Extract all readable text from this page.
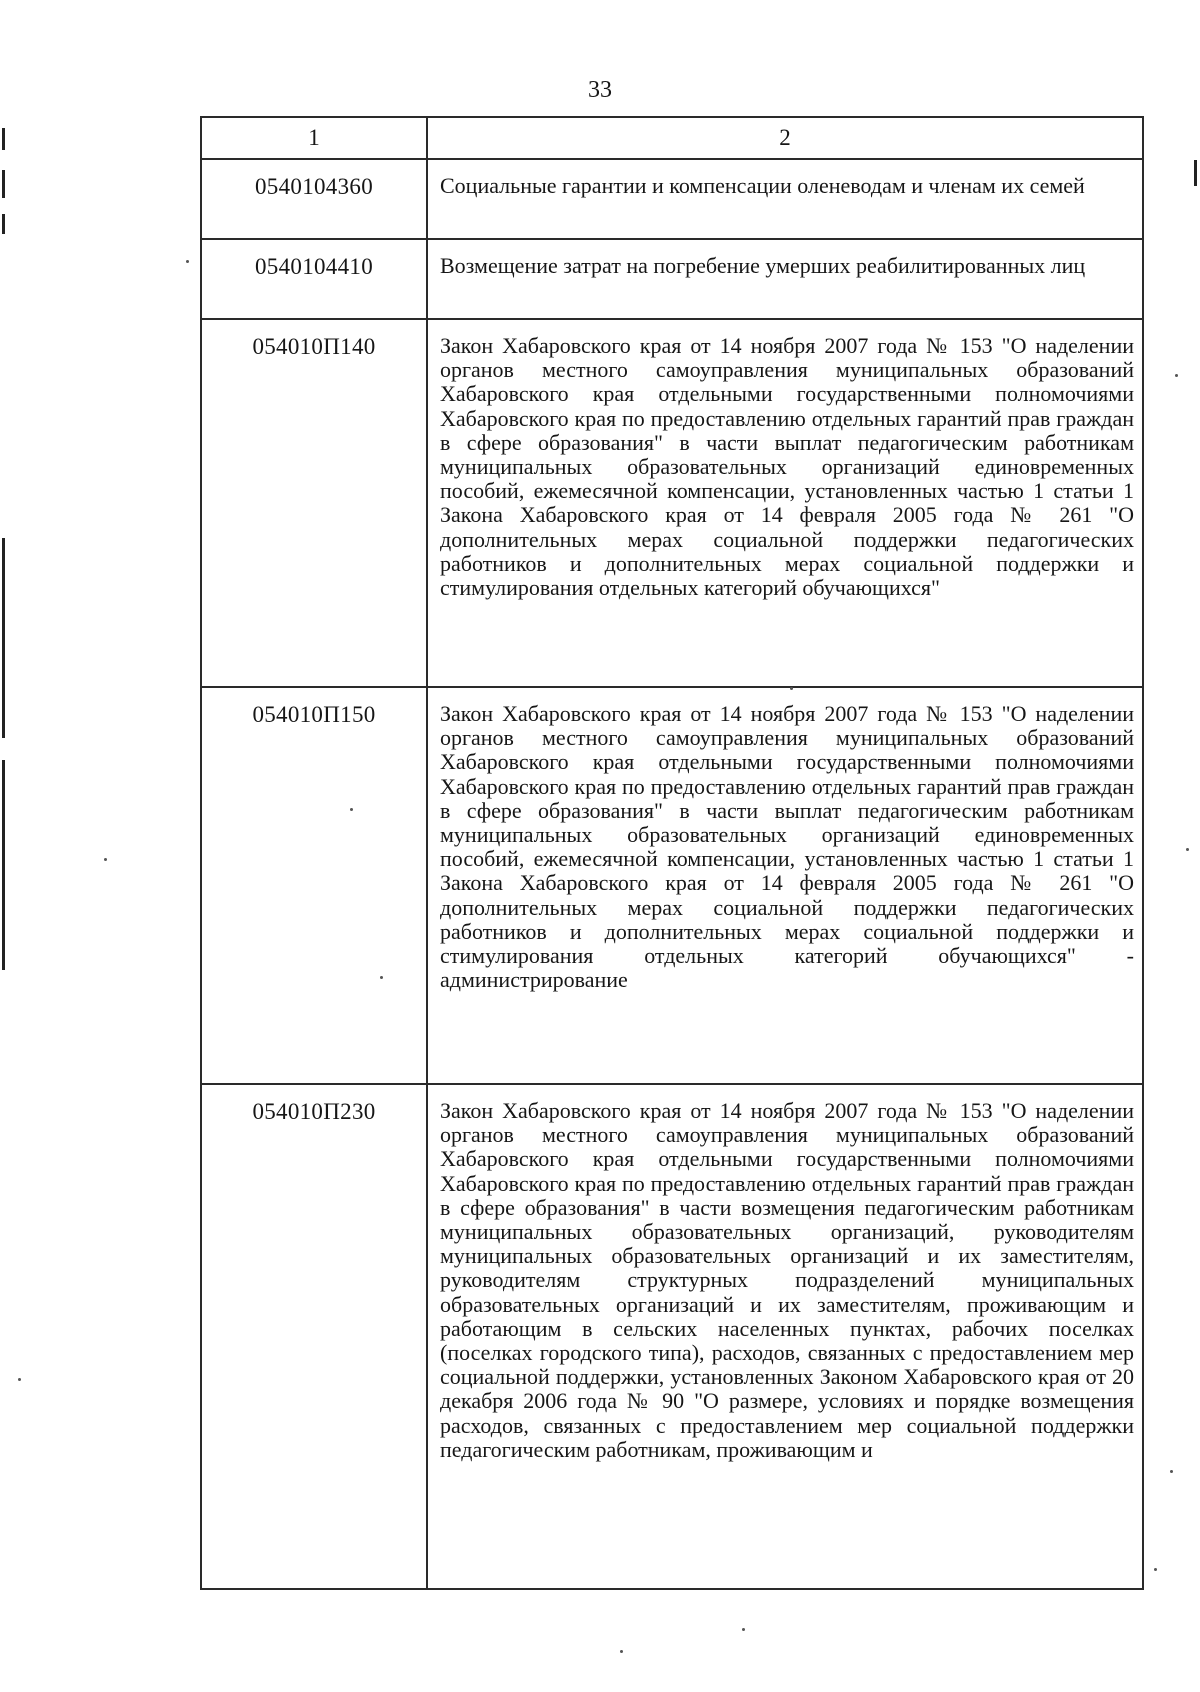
33
1	2
0540104360	Социальные гарантии и компенсации оленеводам и членам их семей

0540104410	Возмещение затрат на погребение умерших реабилитированных лиц

054010П140	Закон Хабаровского края от 14 ноября 2007 года № 153 "О наделении органов местного самоуправления муниципальных образований Хабаровского края отдельными государственными полномочиями Хабаровского края по предоставлению отдельных гарантий прав граждан в сфере образования" в части выплат педагогическим работникам муниципальных образовательных организаций единовременных пособий, ежемесячной компенсации, установленных частью 1 статьи 1 Закона Хабаровского края от 14 февраля 2005 года № 261 "О дополнительных мерах социальной поддержки педагогических работников и дополнительных мерах социальной поддержки и стимулирования отдельных категорий обучающихся"

054010П150	Закон Хабаровского края от 14 ноября 2007 года № 153 "О наделении органов местного самоуправления муниципальных образований Хабаровского края отдельными государственными полномочиями Хабаровского края по предоставлению отдельных гарантий прав граждан в сфере образования" в части выплат педагогическим работникам муниципальных образовательных организаций единовременных пособий, ежемесячной компенсации, установленных частью 1 статьи 1 Закона Хабаровского края от 14 февраля 2005 года № 261 "О дополнительных мерах социальной поддержки педагогических работников и дополнительных мерах социальной поддержки и стимулирования отдельных категорий обучающихся" - администрирование

054010П230	Закон Хабаровского края от 14 ноября 2007 года № 153 "О наделении органов местного самоуправления муниципальных образований Хабаровского края отдельными государственными полномочиями Хабаровского края по предоставлению отдельных гарантий прав граждан в сфере образования" в части возмещения педагогическим работникам муниципальных образовательных организаций, руководителям муниципальных образовательных организаций и их заместителям, руководителям структурных подразделений муниципальных образовательных организаций и их заместителям, проживающим и работающим в сельских населенных пунктах, рабочих поселках (поселках городского типа), расходов, связанных с предоставлением мер социальной поддержки, установленных Законом Хабаровского края от 20 декабря 2006 года № 90 "О размере, условиях и порядке возмещения расходов, связанных с предоставлением мер социальной поддержки педагогическим работникам, проживающим и
